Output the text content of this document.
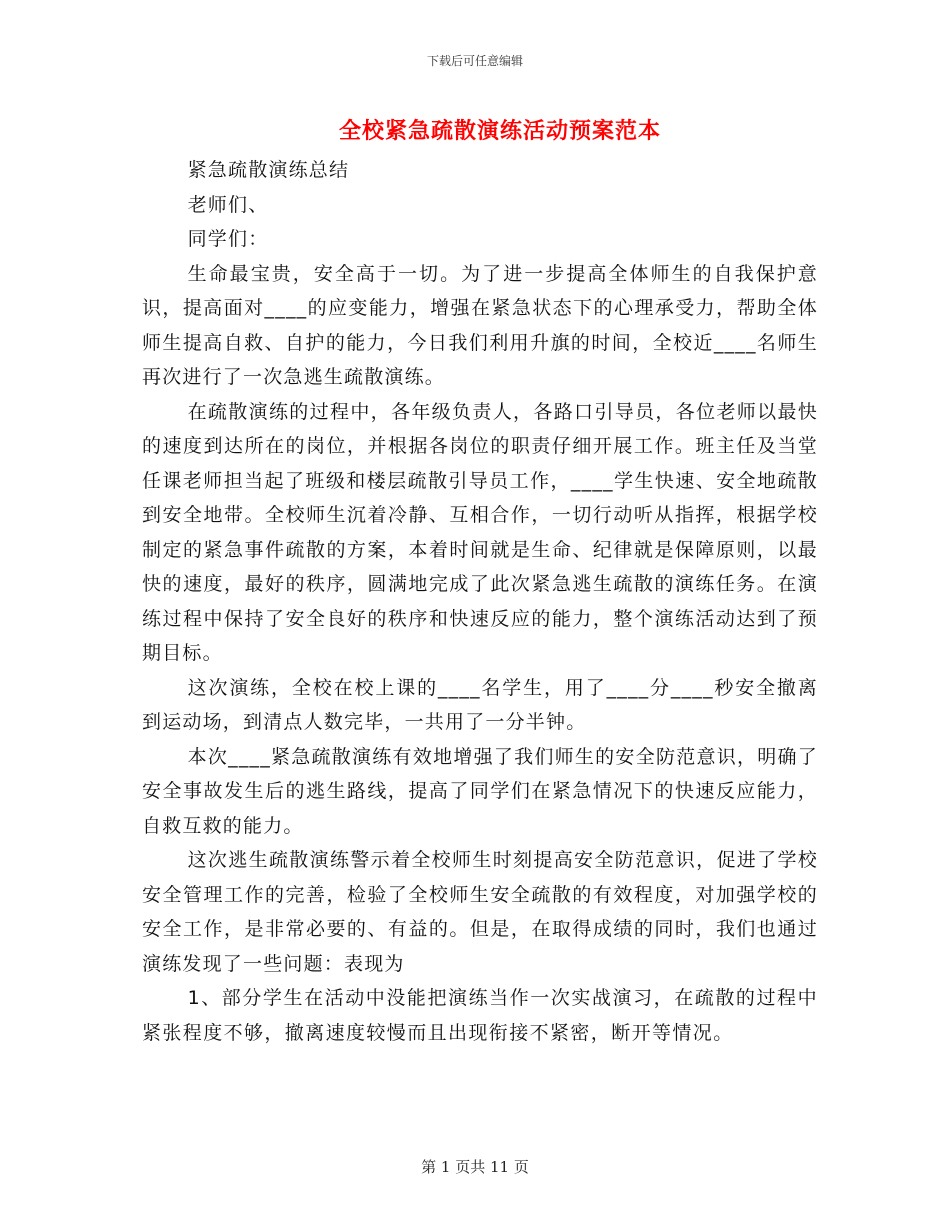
下载后可任意编辑
全校紧急疏散演练活动预案范本

紧急疏散演练总结

老师们、

同学们：

生命最宝贵，安全高于一切。为了进一步提高全体师生的自我保护意识，提高面对____的应变能力，增强在紧急状态下的心理承受力，帮助全体师生提高自救、自护的能力，今日我们利用升旗的时间，全校近____名师生再次进行了一次急逃生疏散演练。

在疏散演练的过程中，各年级负责人，各路口引导员，各位老师以最快的速度到达所在的岗位，并根据各岗位的职责仔细开展工作。班主任及当堂任课老师担当起了班级和楼层疏散引导员工作，____学生快速、安全地疏散到安全地带。全校师生沉着冷静、互相合作，一切行动听从指挥，根据学校制定的紧急事件疏散的方案，本着时间就是生命、纪律就是保障原则，以最快的速度，最好的秩序，圆满地完成了此次紧急逃生疏散的演练任务。在演练过程中保持了安全良好的秩序和快速反应的能力，整个演练活动达到了预期目标。

这次演练，全校在校上课的____名学生，用了____分____秒安全撤离到运动场，到清点人数完毕，一共用了一分半钟。

本次____紧急疏散演练有效地增强了我们师生的安全防范意识，明确了安全事故发生后的逃生路线，提高了同学们在紧急情况下的快速反应能力，自救互救的能力。

这次逃生疏散演练警示着全校师生时刻提高安全防范意识，促进了学校安全管理工作的完善，检验了全校师生安全疏散的有效程度，对加强学校的安全工作，是非常必要的、有益的。但是，在取得成绩的同时，我们也通过演练发现了一些问题：表现为

1、部分学生在活动中没能把演练当作一次实战演习，在疏散的过程中紧张程度不够，撤离速度较慢而且出现衔接不紧密，断开等情况。

第 1 页共 11 页
